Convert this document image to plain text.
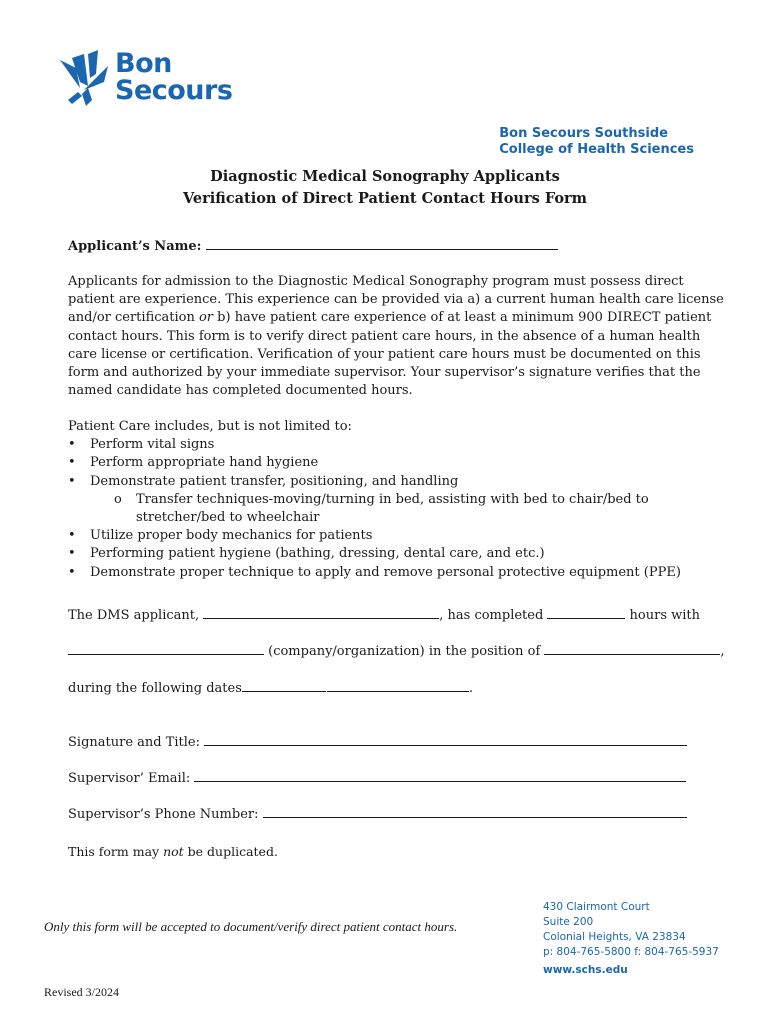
Bon
Secours
Bon Secours Southside
College of Health Sciences
Diagnostic Medical Sonography Applicants
Verification of Direct Patient Contact Hours Form
Applicant’s Name:
Applicants for admission to the Diagnostic Medical Sonography program must possess direct patient are experience. This experience can be provided via a) a current human health care license and/or certification or b) have patient care experience of at least a minimum 900 DIRECT patient contact hours. This form is to verify direct patient care hours, in the absence of a human health care license or certification. Verification of your patient care hours must be documented on this form and authorized by your immediate supervisor. Your supervisor’s signature verifies that the named candidate has completed documented hours.
Patient Care includes, but is not limited to:
• Perform vital signs
• Perform appropriate hand hygiene
• Demonstrate patient transfer, positioning, and handling
o Transfer techniques-moving/turning in bed, assisting with bed to chair/bed to stretcher/bed to wheelchair
• Utilize proper body mechanics for patients
• Performing patient hygiene (bathing, dressing, dental care, and etc.)
• Demonstrate proper technique to apply and remove personal protective equipment (PPE)
The DMS applicant,	, has completed	hours with
(company/organization) in the position of	,
during the following dates	.
Signature and Title:
Supervisor’ Email:
Supervisor’s Phone Number:
This form may not be duplicated.
Only this form will be accepted to document/verify direct patient contact hours.
430 Clairmont Court
Suite 200
Colonial Heights, VA 23834
p: 804-765-5800 f: 804-765-5937
www.schs.edu
Revised 3/2024
